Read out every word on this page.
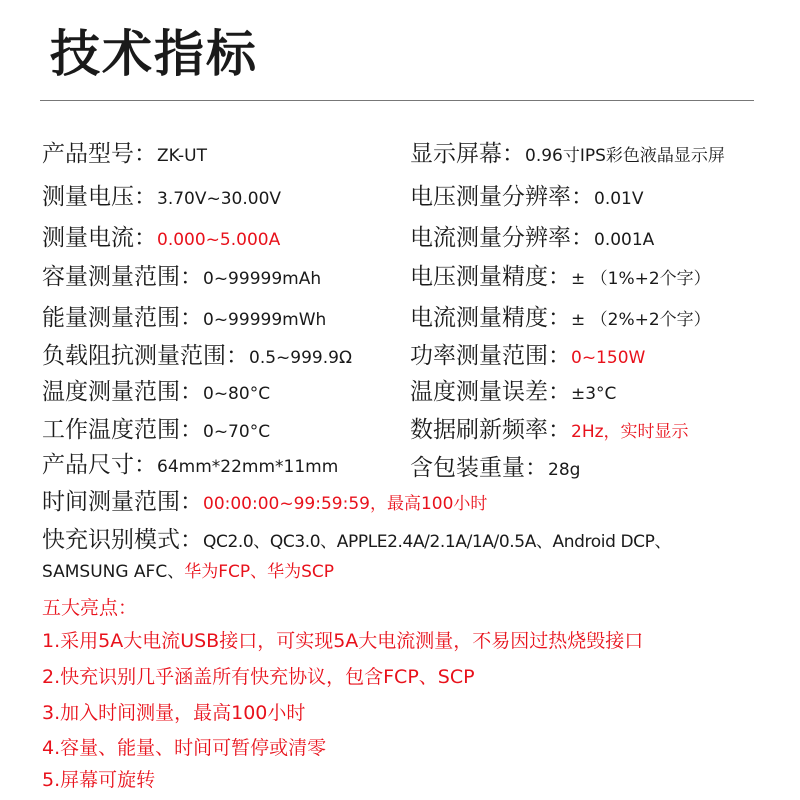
技术指标
产品型号：ZK-UT
测量电压：3.70V~30.00V
测量电流：0.000~5.000A
容量测量范围：0~99999mAh
能量测量范围：0~99999mWh
负载阻抗测量范围：0.5~999.9Ω
温度测量范围：0~80°C
工作温度范围：0~70°C
产品尺寸：64mm*22mm*11mm
显示屏幕：0.96寸IPS彩色液晶显示屏
电压测量分辨率：0.01V
电流测量分辨率：0.001A
电压测量精度：± （1%+2个字）
电流测量精度：± （2%+2个字）
功率测量范围：0~150W
温度测量误差：±3°C
数据刷新频率：2Hz，实时显示
含包装重量：28g
时间测量范围：00:00:00~99:59:59，最高100小时
快充识别模式：QC2.0、QC3.0、APPLE2.4A/2.1A/1A/0.5A、Android DCP、
SAMSUNG AFC、华为FCP、华为SCP
五大亮点：
1.采用5A大电流USB接口，可实现5A大电流测量，不易因过热烧毁接口
2.快充识别几乎涵盖所有快充协议，包含FCP、SCP
3.加入时间测量，最高100小时
4.容量、能量、时间可暂停或清零
5.屏幕可旋转
